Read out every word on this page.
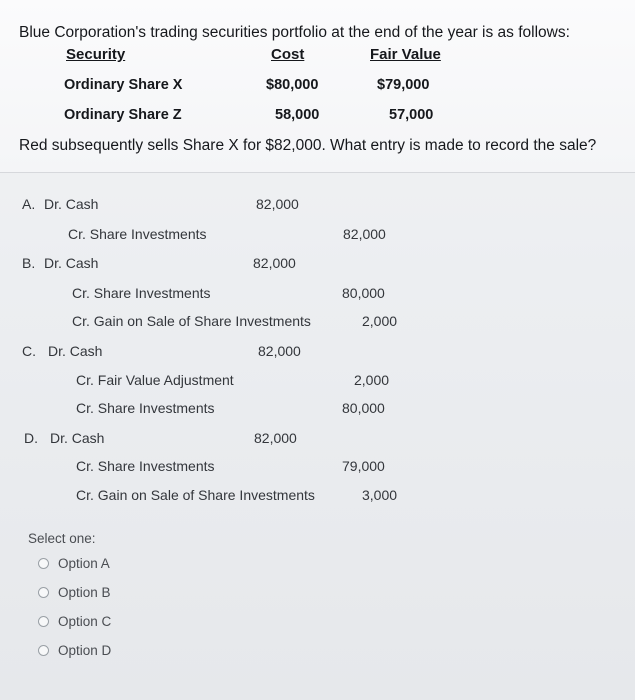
Blue Corporation's trading securities portfolio at the end of the year is as follows:
Security	Cost	Fair Value
Ordinary Share X	$80,000	$79,000
Ordinary Share Z	58,000	57,000
Red subsequently sells Share X for $82,000. What entry is made to record the sale?
A. Dr. Cash	82,000
Cr. Share Investments	82,000
B. Dr. Cash	82,000
Cr. Share Investments	80,000
Cr. Gain on Sale of Share Investments	2,000
C. Dr. Cash	82,000
Cr. Fair Value Adjustment	2,000
Cr. Share Investments	80,000
D. Dr. Cash	82,000
Cr. Share Investments	79,000
Cr. Gain on Sale of Share Investments	3,000
Select one:
Option A
Option B
Option C
Option D
